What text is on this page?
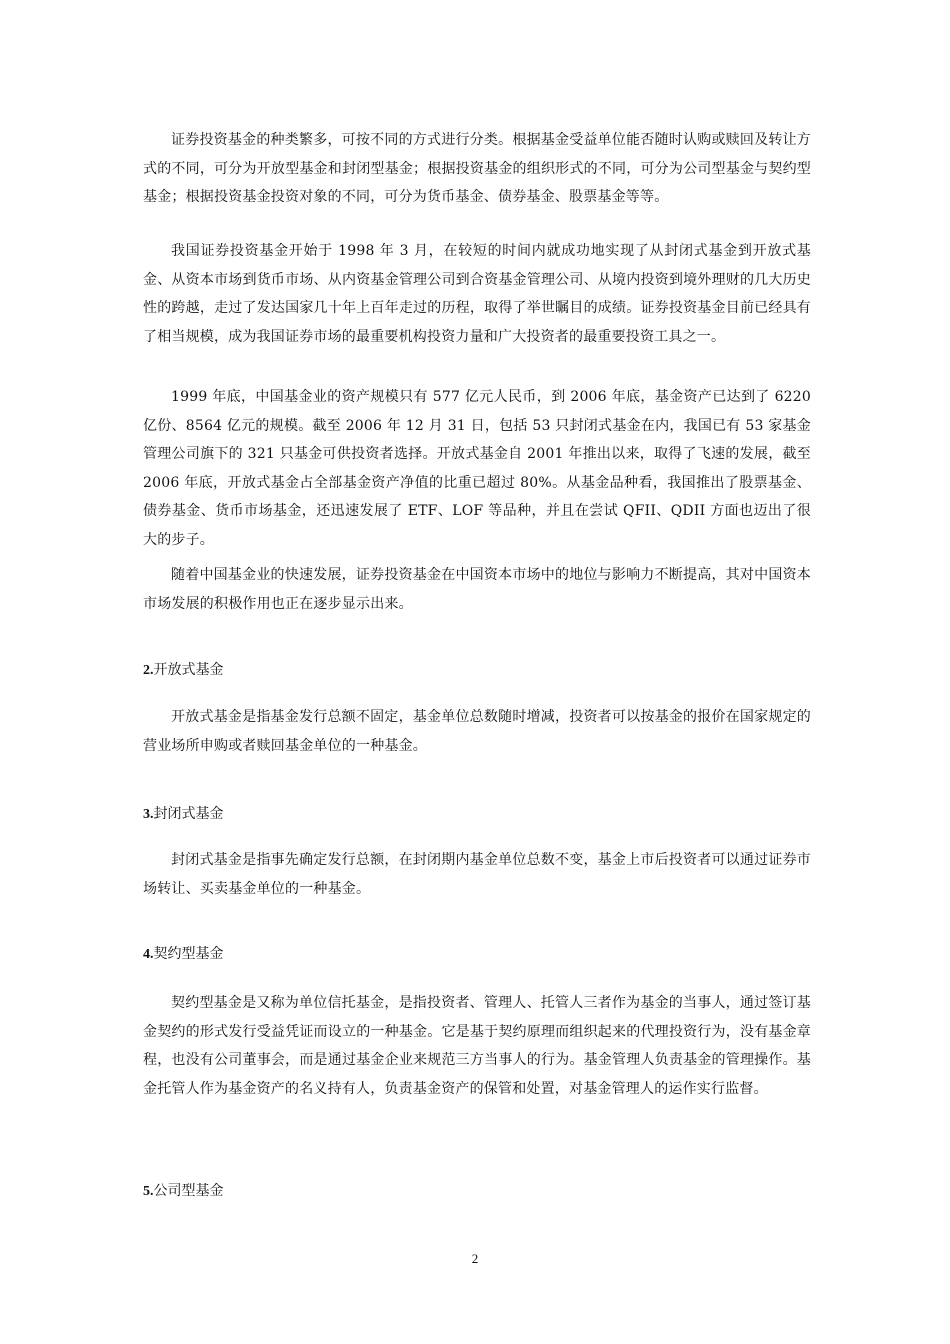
证券投资基金的种类繁多，可按不同的方式进行分类。根据基金受益单位能否随时认购或赎回及转让方式的不同，可分为开放型基金和封闭型基金；根据投资基金的组织形式的不同，可分为公司型基金与契约型基金；根据投资基金投资对象的不同，可分为货币基金、债券基金、股票基金等等。

我国证券投资基金开始于 1998 年 3 月，在较短的时间内就成功地实现了从封闭式基金到开放式基金、从资本市场到货币市场、从内资基金管理公司到合资基金管理公司、从境内投资到境外理财的几大历史性的跨越，走过了发达国家几十年上百年走过的历程，取得了举世瞩目的成绩。证券投资基金目前已经具有了相当规模，成为我国证券市场的最重要机构投资力量和广大投资者的最重要投资工具之一。

1999 年底，中国基金业的资产规模只有 577 亿元人民币，到 2006 年底，基金资产已达到了 6220 亿份、8564 亿元的规模。截至 2006 年 12 月 31 日，包括 53 只封闭式基金在内，我国已有 53 家基金管理公司旗下的 321 只基金可供投资者选择。开放式基金自 2001 年推出以来，取得了飞速的发展，截至 2006 年底，开放式基金占全部基金资产净值的比重已超过 80%。从基金品种看，我国推出了股票基金、债券基金、货币市场基金，还迅速发展了 ETF、LOF 等品种，并且在尝试 QFII、QDII 方面也迈出了很大的步子。

随着中国基金业的快速发展，证券投资基金在中国资本市场中的地位与影响力不断提高，其对中国资本市场发展的积极作用也正在逐步显示出来。

2.开放式基金

开放式基金是指基金发行总额不固定，基金单位总数随时增减，投资者可以按基金的报价在国家规定的营业场所申购或者赎回基金单位的一种基金。

3.封闭式基金

封闭式基金是指事先确定发行总额，在封闭期内基金单位总数不变，基金上市后投资者可以通过证券市场转让、买卖基金单位的一种基金。

4.契约型基金

契约型基金是又称为单位信托基金，是指投资者、管理人、托管人三者作为基金的当事人，通过签订基金契约的形式发行受益凭证而设立的一种基金。它是基于契约原理而组织起来的代理投资行为，没有基金章程，也没有公司董事会，而是通过基金企业来规范三方当事人的行为。基金管理人负责基金的管理操作。基金托管人作为基金资产的名义持有人，负责基金资产的保管和处置，对基金管理人的运作实行监督。

5.公司型基金
2
